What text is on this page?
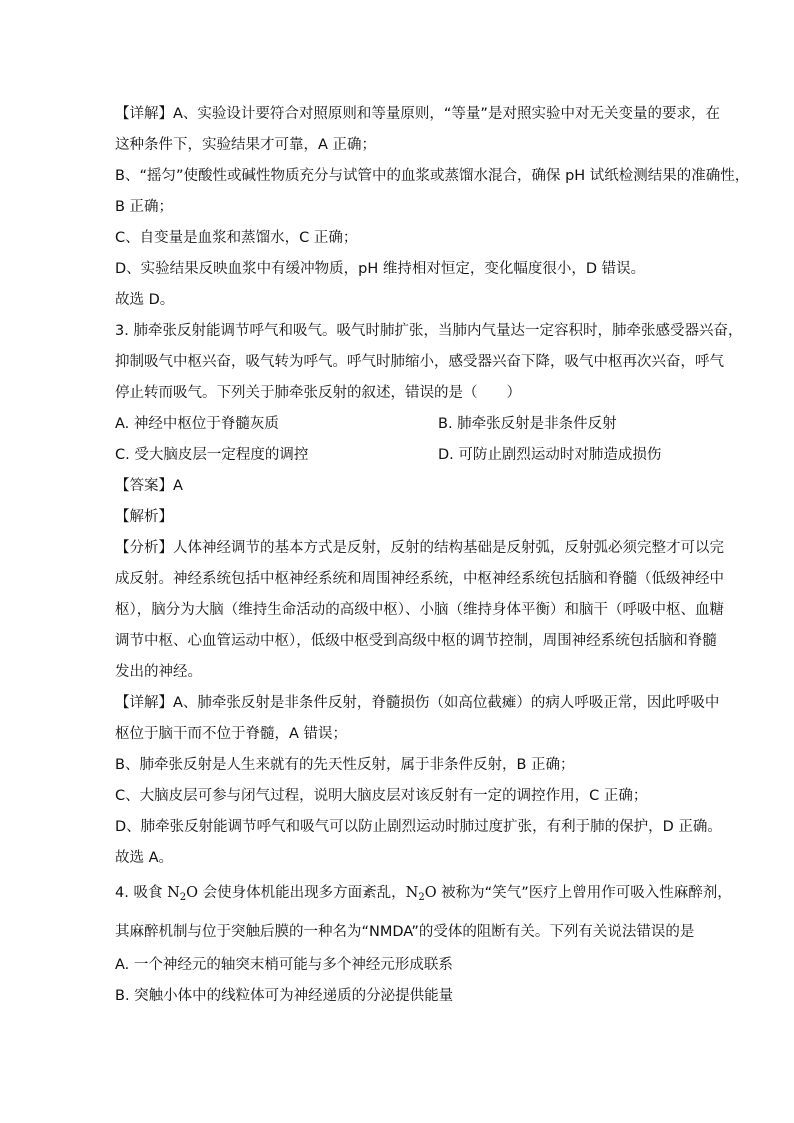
【详解】A、实验设计要符合对照原则和等量原则，“等量”是对照实验中对无关变量的要求，在
这种条件下，实验结果才可靠，A 正确；
B、“摇匀”使酸性或碱性物质充分与试管中的血浆或蒸馏水混合，确保 pH 试纸检测结果的准确性，
B 正确；
C、自变量是血浆和蒸馏水，C 正确；
D、实验结果反映血浆中有缓冲物质，pH 维持相对恒定，变化幅度很小，D 错误。
故选 D。
3. 肺牵张反射能调节呼气和吸气。吸气时肺扩张，当肺内气量达一定容积时，肺牵张感受器兴奋，
抑制吸气中枢兴奋，吸气转为呼气。呼气时肺缩小，感受器兴奋下降，吸气中枢再次兴奋，呼气
停止转而吸气。下列关于肺牵张反射的叙述，错误的是（　　）
A. 神经中枢位于脊髓灰质	B. 肺牵张反射是非条件反射
C. 受大脑皮层一定程度的调控	D. 可防止剧烈运动时对肺造成损伤
【答案】A
【解析】
【分析】人体神经调节的基本方式是反射，反射的结构基础是反射弧，反射弧必须完整才可以完
成反射。神经系统包括中枢神经系统和周围神经系统，中枢神经系统包括脑和脊髓（低级神经中
枢），脑分为大脑（维持生命活动的高级中枢）、小脑（维持身体平衡）和脑干（呼吸中枢、血糖
调节中枢、心血管运动中枢），低级中枢受到高级中枢的调节控制，周围神经系统包括脑和脊髓
发出的神经。
【详解】A、肺牵张反射是非条件反射，脊髓损伤（如高位截瘫）的病人呼吸正常，因此呼吸中
枢位于脑干而不位于脊髓，A 错误；
B、肺牵张反射是人生来就有的先天性反射，属于非条件反射，B 正确；
C、大脑皮层可参与闭气过程，说明大脑皮层对该反射有一定的调控作用，C 正确；
D、肺牵张反射能调节呼气和吸气可以防止剧烈运动时肺过度扩张，有利于肺的保护，D 正确。
故选 A。
4. 吸食 $N_2O$ 会使身体机能出现多方面紊乱，$N_2O$ 被称为“笑气”医疗上曾用作可吸入性麻醉剂，
其麻醉机制与位于突触后膜的一种名为“NMDA”的受体的阻断有关。下列有关说法错误的是
A. 一个神经元的轴突末梢可能与多个神经元形成联系
B. 突触小体中的线粒体可为神经递质的分泌提供能量
